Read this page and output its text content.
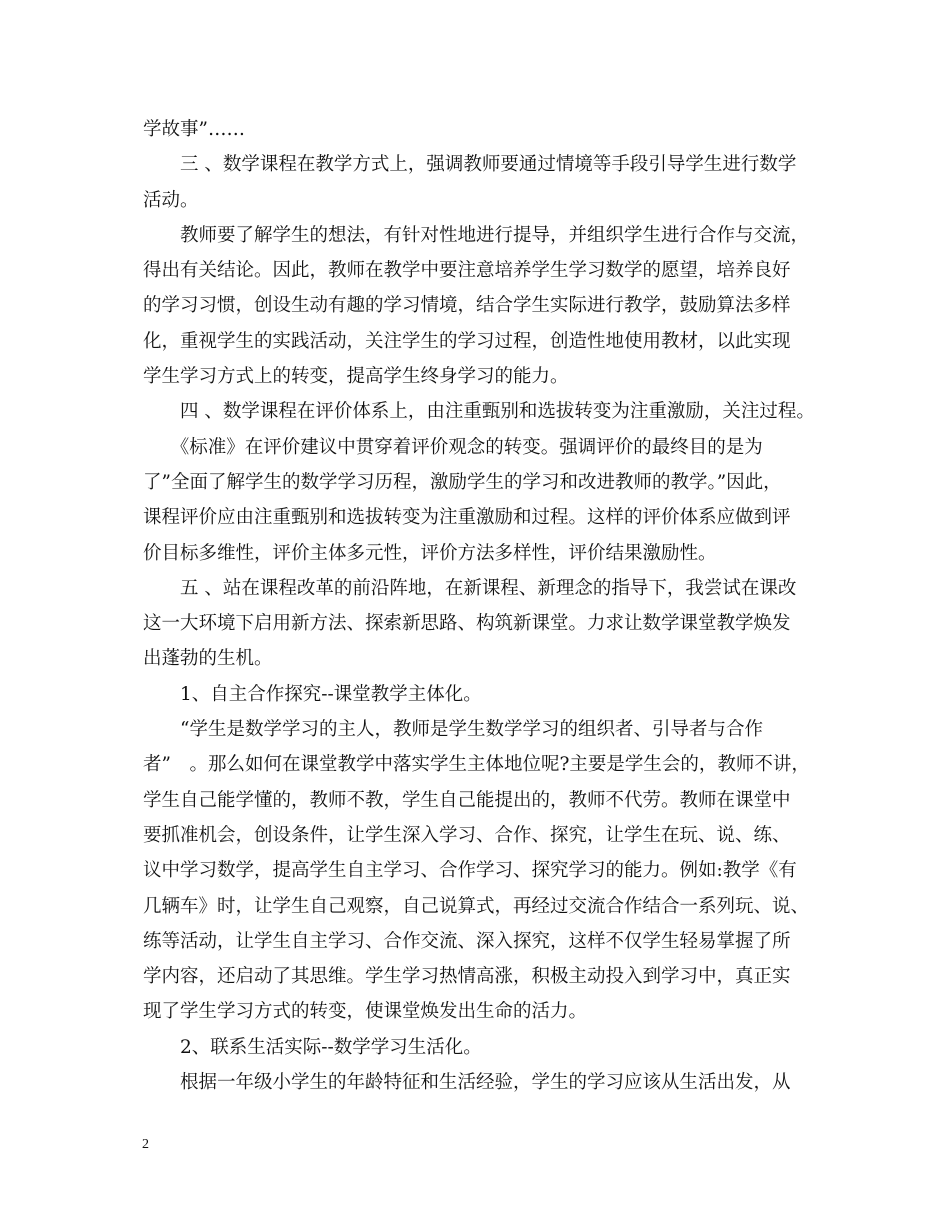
学故事”……

　　三 、数学课程在教学方式上，强调教师要通过情境等手段引导学生进行数学

活动。

　　教师要了解学生的想法，有针对性地进行提导，并组织学生进行合作与交流，

得出有关结论。因此，教师在教学中要注意培养学生学习数学的愿望，培养良好

的学习习惯，创设生动有趣的学习情境，结合学生实际进行教学，鼓励算法多样

化，重视学生的实践活动，关注学生的学习过程，创造性地使用教材，以此实现

学生学习方式上的转变，提高学生终身学习的能力。

　　四 、数学课程在评价体系上，由注重甄别和选拔转变为注重激励，关注过程。

　　《标准》在评价建议中贯穿着评价观念的转变。强调评价的最终目的是为

了”全面了解学生的数学学习历程，激励学生的学习和改进教师的教学。”因此，

课程评价应由注重甄别和选拔转变为注重激励和过程。这样的评价体系应做到评

价目标多维性，评价主体多元性，评价方法多样性，评价结果激励性。

　　五 、站在课程改革的前沿阵地，在新课程、新理念的指导下，我尝试在课改

这一大环境下启用新方法、探索新思路、构筑新课堂。力求让数学课堂教学焕发

出蓬勃的生机。

　　1、自主合作探究--课堂教学主体化。

　　“学生是数学学习的主人，教师是学生数学学习的组织者、引导者与合作

者”　。那么如何在课堂教学中落实学生主体地位呢?主要是学生会的，教师不讲，

学生自己能学懂的，教师不教，学生自己能提出的，教师不代劳。教师在课堂中

要抓准机会，创设条件，让学生深入学习、合作、探究，让学生在玩、说、练、

议中学习数学，提高学生自主学习、合作学习、探究学习的能力。例如:教学《有

几辆车》时，让学生自己观察，自己说算式，再经过交流合作结合一系列玩、说、

练等活动，让学生自主学习、合作交流、深入探究，这样不仅学生轻易掌握了所

学内容，还启动了其思维。学生学习热情高涨，积极主动投入到学习中，真正实

现了学生学习方式的转变，使课堂焕发出生命的活力。

　　2、联系生活实际--数学学习生活化。

　　根据一年级小学生的年龄特征和生活经验，学生的学习应该从生活出发，从

2
